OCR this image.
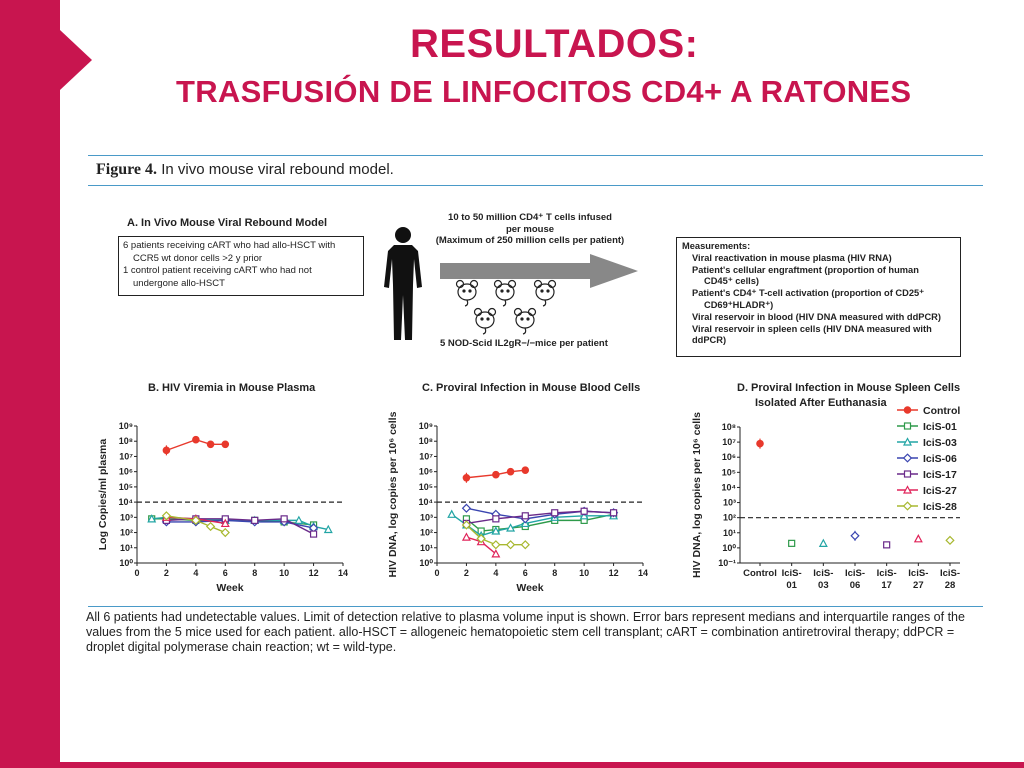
RESULTADOS:
TRASFUSIÓN DE LINFOCITOS CD4+ A RATONES
Figure 4. In vivo mouse viral rebound model.
A. In Vivo Mouse Viral Rebound Model
6 patients receiving cART who had allo-HSCT with
CCR5 wt donor cells >2 y prior
1 control patient receiving cART who had not
undergone allo-HSCT
10 to 50 million CD4⁺ T cells infused
per mouse
(Maximum of 250 million cells per patient)
5 NOD-Scid IL2gR−/−mice per patient
Measurements:
Viral reactivation in mouse plasma (HIV RNA)
Patient's cellular engraftment (proportion of human
CD45⁺ cells)
Patient's CD4⁺ T-cell activation (proportion of CD25⁺
CD69⁺HLADR⁺)
Viral reservoir in blood (HIV DNA measured with ddPCR)
Viral reservoir in spleen cells (HIV DNA measured with
ddPCR)
B. HIV Viremia in Mouse Plasma
10⁰
10¹
10²
10³
10⁴
10⁵
10⁶
10⁷
10⁸
10⁹
0	2	4	6	8 10 12 14
Week
Log Copies/ml plasma
C. Proviral Infection in Mouse Blood Cells
10⁰
10¹
10²
10³
10⁴
10⁵
10⁶
10⁷
10⁸
10⁹
0	2	4	6	8 10 12 14
Week
HIV DNA, log copies per 10⁶ cells
D. Proviral Infection in Mouse Spleen Cells
Isolated After Euthanasia
10⁻¹
10⁰
10¹
10²
10³
10⁴
10⁵
10⁶
10⁷
10⁸
Control IciS-
01
IciS-
03
IciS-
06
IciS-
17
IciS-
27
IciS-
28
HIV DNA, log copies per 10⁶ cells
Control
IciS-01
IciS-03
IciS-06
IciS-17
IciS-27
IciS-28
All 6 patients had undetectable values. Limit of detection relative to plasma volume input is shown. Error bars represent medians and interquartile ranges of the values from the 5 mice used for each patient. allo-HSCT = allogeneic hematopoietic stem cell transplant; cART = combination antiretroviral therapy; ddPCR = droplet digital polymerase chain reaction; wt = wild-type.
